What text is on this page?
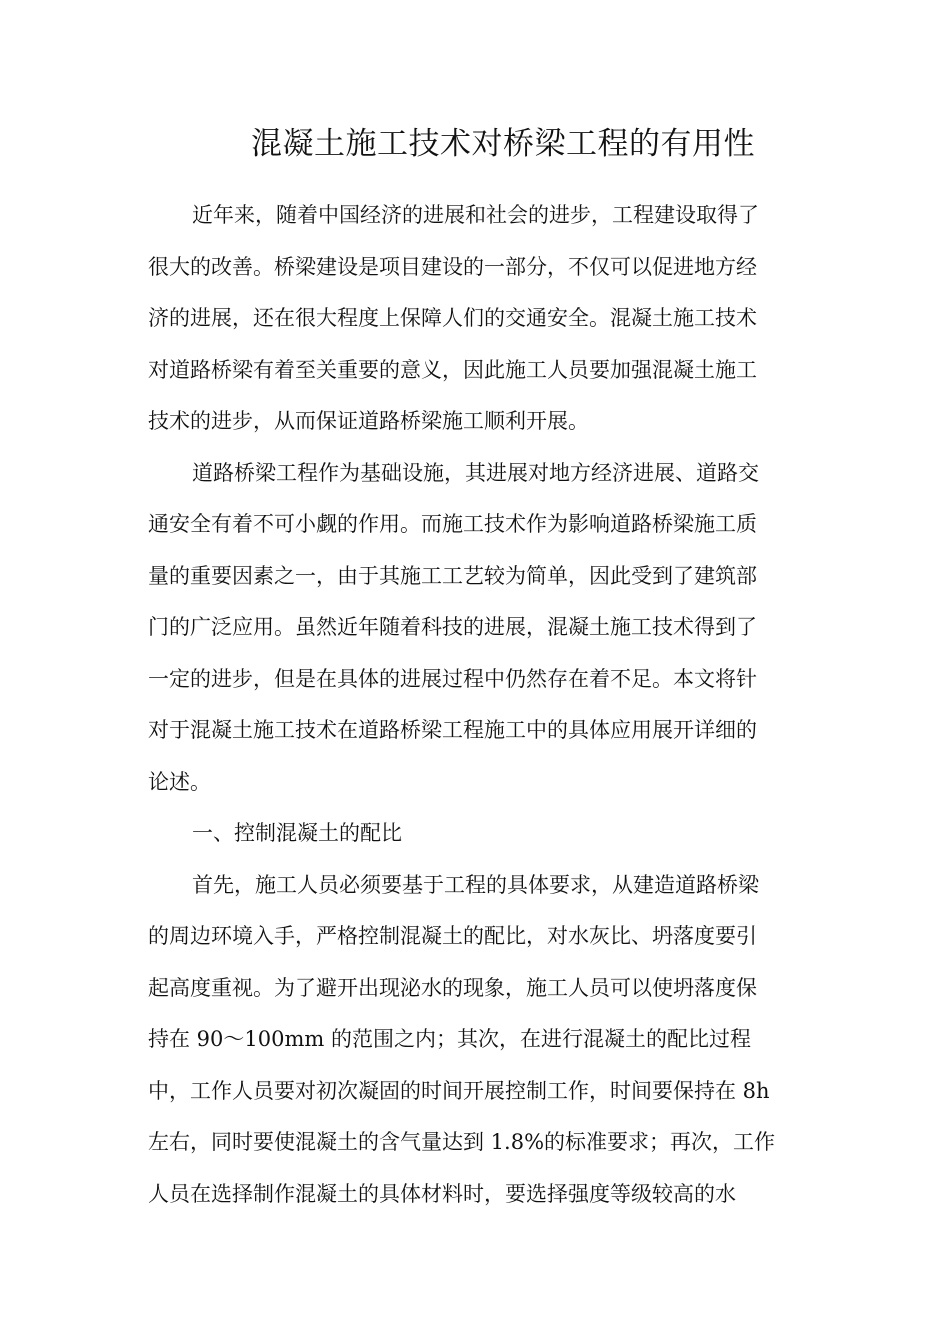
混凝土施工技术对桥梁工程的有用性
近年来，随着中国经济的进展和社会的进步，工程建设取得了
很大的改善。桥梁建设是项目建设的一部分，不仅可以促进地方经
济的进展，还在很大程度上保障人们的交通安全。混凝土施工技术
对道路桥梁有着至关重要的意义，因此施工人员要加强混凝土施工
技术的进步，从而保证道路桥梁施工顺利开展。
道路桥梁工程作为基础设施，其进展对地方经济进展、道路交
通安全有着不可小觑的作用。而施工技术作为影响道路桥梁施工质
量的重要因素之一，由于其施工工艺较为简单，因此受到了建筑部
门的广泛应用。虽然近年随着科技的进展，混凝土施工技术得到了
一定的进步，但是在具体的进展过程中仍然存在着不足。本文将针
对于混凝土施工技术在道路桥梁工程施工中的具体应用展开详细的
论述。
一、控制混凝土的配比
首先，施工人员必须要基于工程的具体要求，从建造道路桥梁
的周边环境入手，严格控制混凝土的配比，对水灰比、坍落度要引
起高度重视。为了避开出现泌水的现象，施工人员可以使坍落度保
持在 90～100mm 的范围之内；其次，在进行混凝土的配比过程
中，工作人员要对初次凝固的时间开展控制工作，时间要保持在 8h
左右，同时要使混凝土的含气量达到 1.8%的标准要求；再次，工作
人员在选择制作混凝土的具体材料时，要选择强度等级较高的水
